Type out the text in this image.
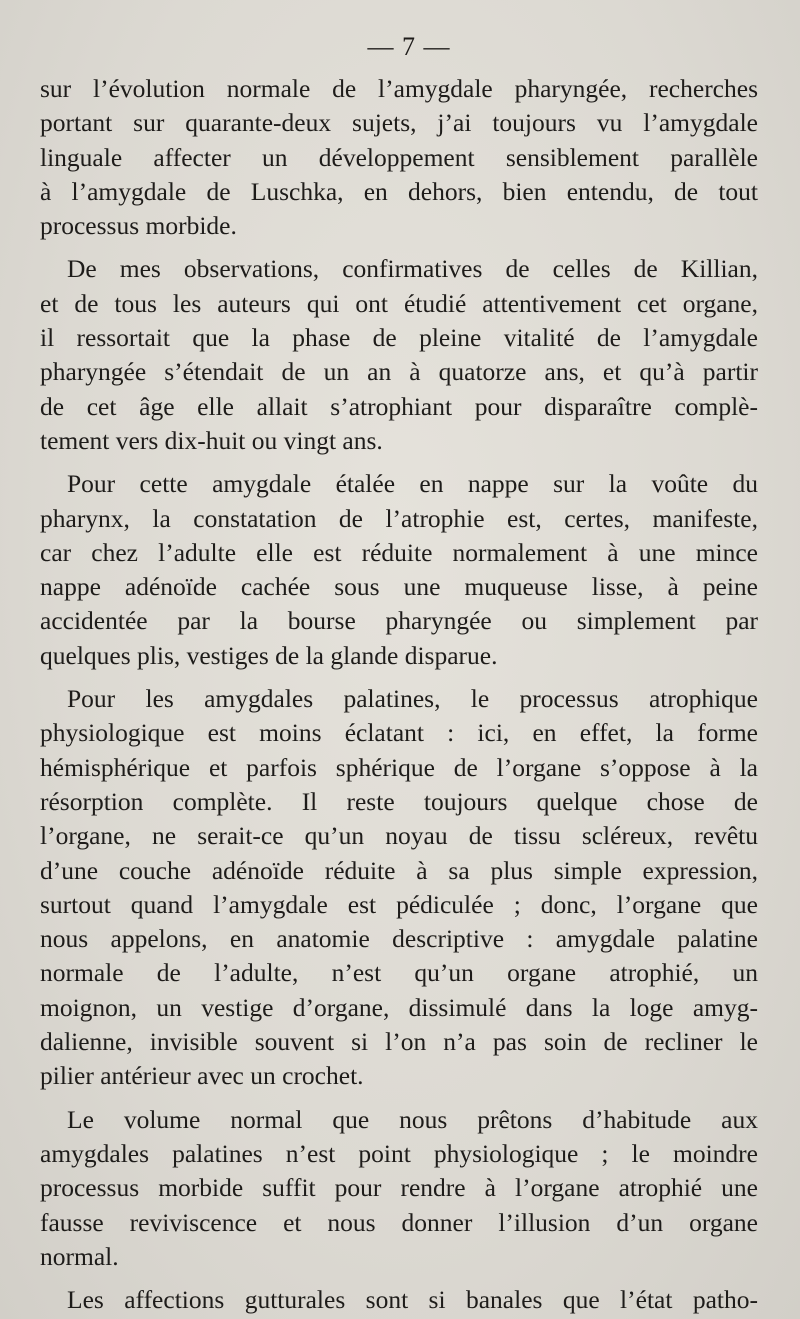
— 7 —
sur l’évolution normale de l’amygdale pharyngée, recherches
portant sur quarante-deux sujets, j’ai toujours vu l’amygdale
linguale affecter un développement sensiblement parallèle
à l’amygdale de Luschka, en dehors, bien entendu, de tout
processus morbide.
De mes observations, confirmatives de celles de Killian,
et de tous les auteurs qui ont étudié attentivement cet organe,
il ressortait que la phase de pleine vitalité de l’amygdale
pharyngée s’étendait de un an à quatorze ans, et qu’à partir
de cet âge elle allait s’atrophiant pour disparaître complè-
tement vers dix-huit ou vingt ans.
Pour cette amygdale étalée en nappe sur la voûte du
pharynx, la constatation de l’atrophie est, certes, manifeste,
car chez l’adulte elle est réduite normalement à une mince
nappe adénoïde cachée sous une muqueuse lisse, à peine
accidentée par la bourse pharyngée ou simplement par
quelques plis, vestiges de la glande disparue.
Pour les amygdales palatines, le processus atrophique
physiologique est moins éclatant : ici, en effet, la forme
hémisphérique et parfois sphérique de l’organe s’oppose à la
résorption complète. Il reste toujours quelque chose de
l’organe, ne serait-ce qu’un noyau de tissu scléreux, revêtu
d’une couche adénoïde réduite à sa plus simple expression,
surtout quand l’amygdale est pédiculée ; donc, l’organe que
nous appelons, en anatomie descriptive : amygdale palatine
normale de l’adulte, n’est qu’un organe atrophié, un
moignon, un vestige d’organe, dissimulé dans la loge amyg-
dalienne, invisible souvent si l’on n’a pas soin de recliner le
pilier antérieur avec un crochet.
Le volume normal que nous prêtons d’habitude aux
amygdales palatines n’est point physiologique ; le moindre
processus morbide suffit pour rendre à l’organe atrophié une
fausse reviviscence et nous donner l’illusion d’un organe
normal.
Les affections gutturales sont si banales que l’état patho-
